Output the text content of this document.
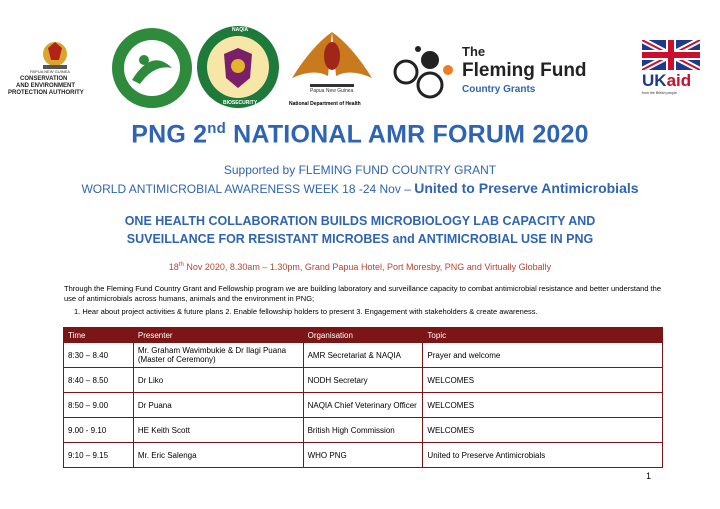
PAPUA NEW GUINEA
CONSERVATION
AND ENVIRONMENT
PROTECTION AUTHORITY
NAQIA
BIOSECURITY
Papua New Guinea
National Department of Health
The
Fleming Fund
Country Grants	UKaid
from the British people
PNG 2nd NATIONAL AMR FORUM 2020
Supported by FLEMING FUND COUNTRY GRANT
WORLD ANTIMICROBIAL AWARENESS WEEK 18 -24 Nov – United to Preserve Antimicrobials
ONE HEALTH COLLABORATION BUILDS MICROBIOLOGY LAB CAPACITY AND
SUVEILLANCE FOR RESISTANT MICROBES and ANTIMICROBIAL USE IN PNG
18th Nov 2020, 8.30am – 1.30pm, Grand Papua Hotel, Port Moresby, PNG and Virtually Globally
Through the Fleming Fund Country Grant and Fellowship program we are building laboratory and surveillance capacity to combat antimicrobial resistance and better understand the use of antimicrobials across humans, animals and the environment in PNG;
1. Hear about project activities & future plans 2. Enable fellowship holders to present 3. Engagement with stakeholders & create awareness.
Time	Presenter	Organisation	Topic
8:30 – 8.40	Mr. Graham Wavimbukie & Dr Ilagi Puana (Master of Ceremony)	AMR Secretariat & NAQIA	Prayer and welcome
8:40 – 8.50	Dr Liko	NODH Secretary	WELCOMES
8:50 – 9.00	Dr Puana	NAQIA Chief Veterinary Officer	WELCOMES
9.00 - 9.10	HE Keith Scott	British High Commission	WELCOMES
9:10 – 9.15	Mr. Eric Salenga	WHO PNG	United to Preserve Antimicrobials
1
